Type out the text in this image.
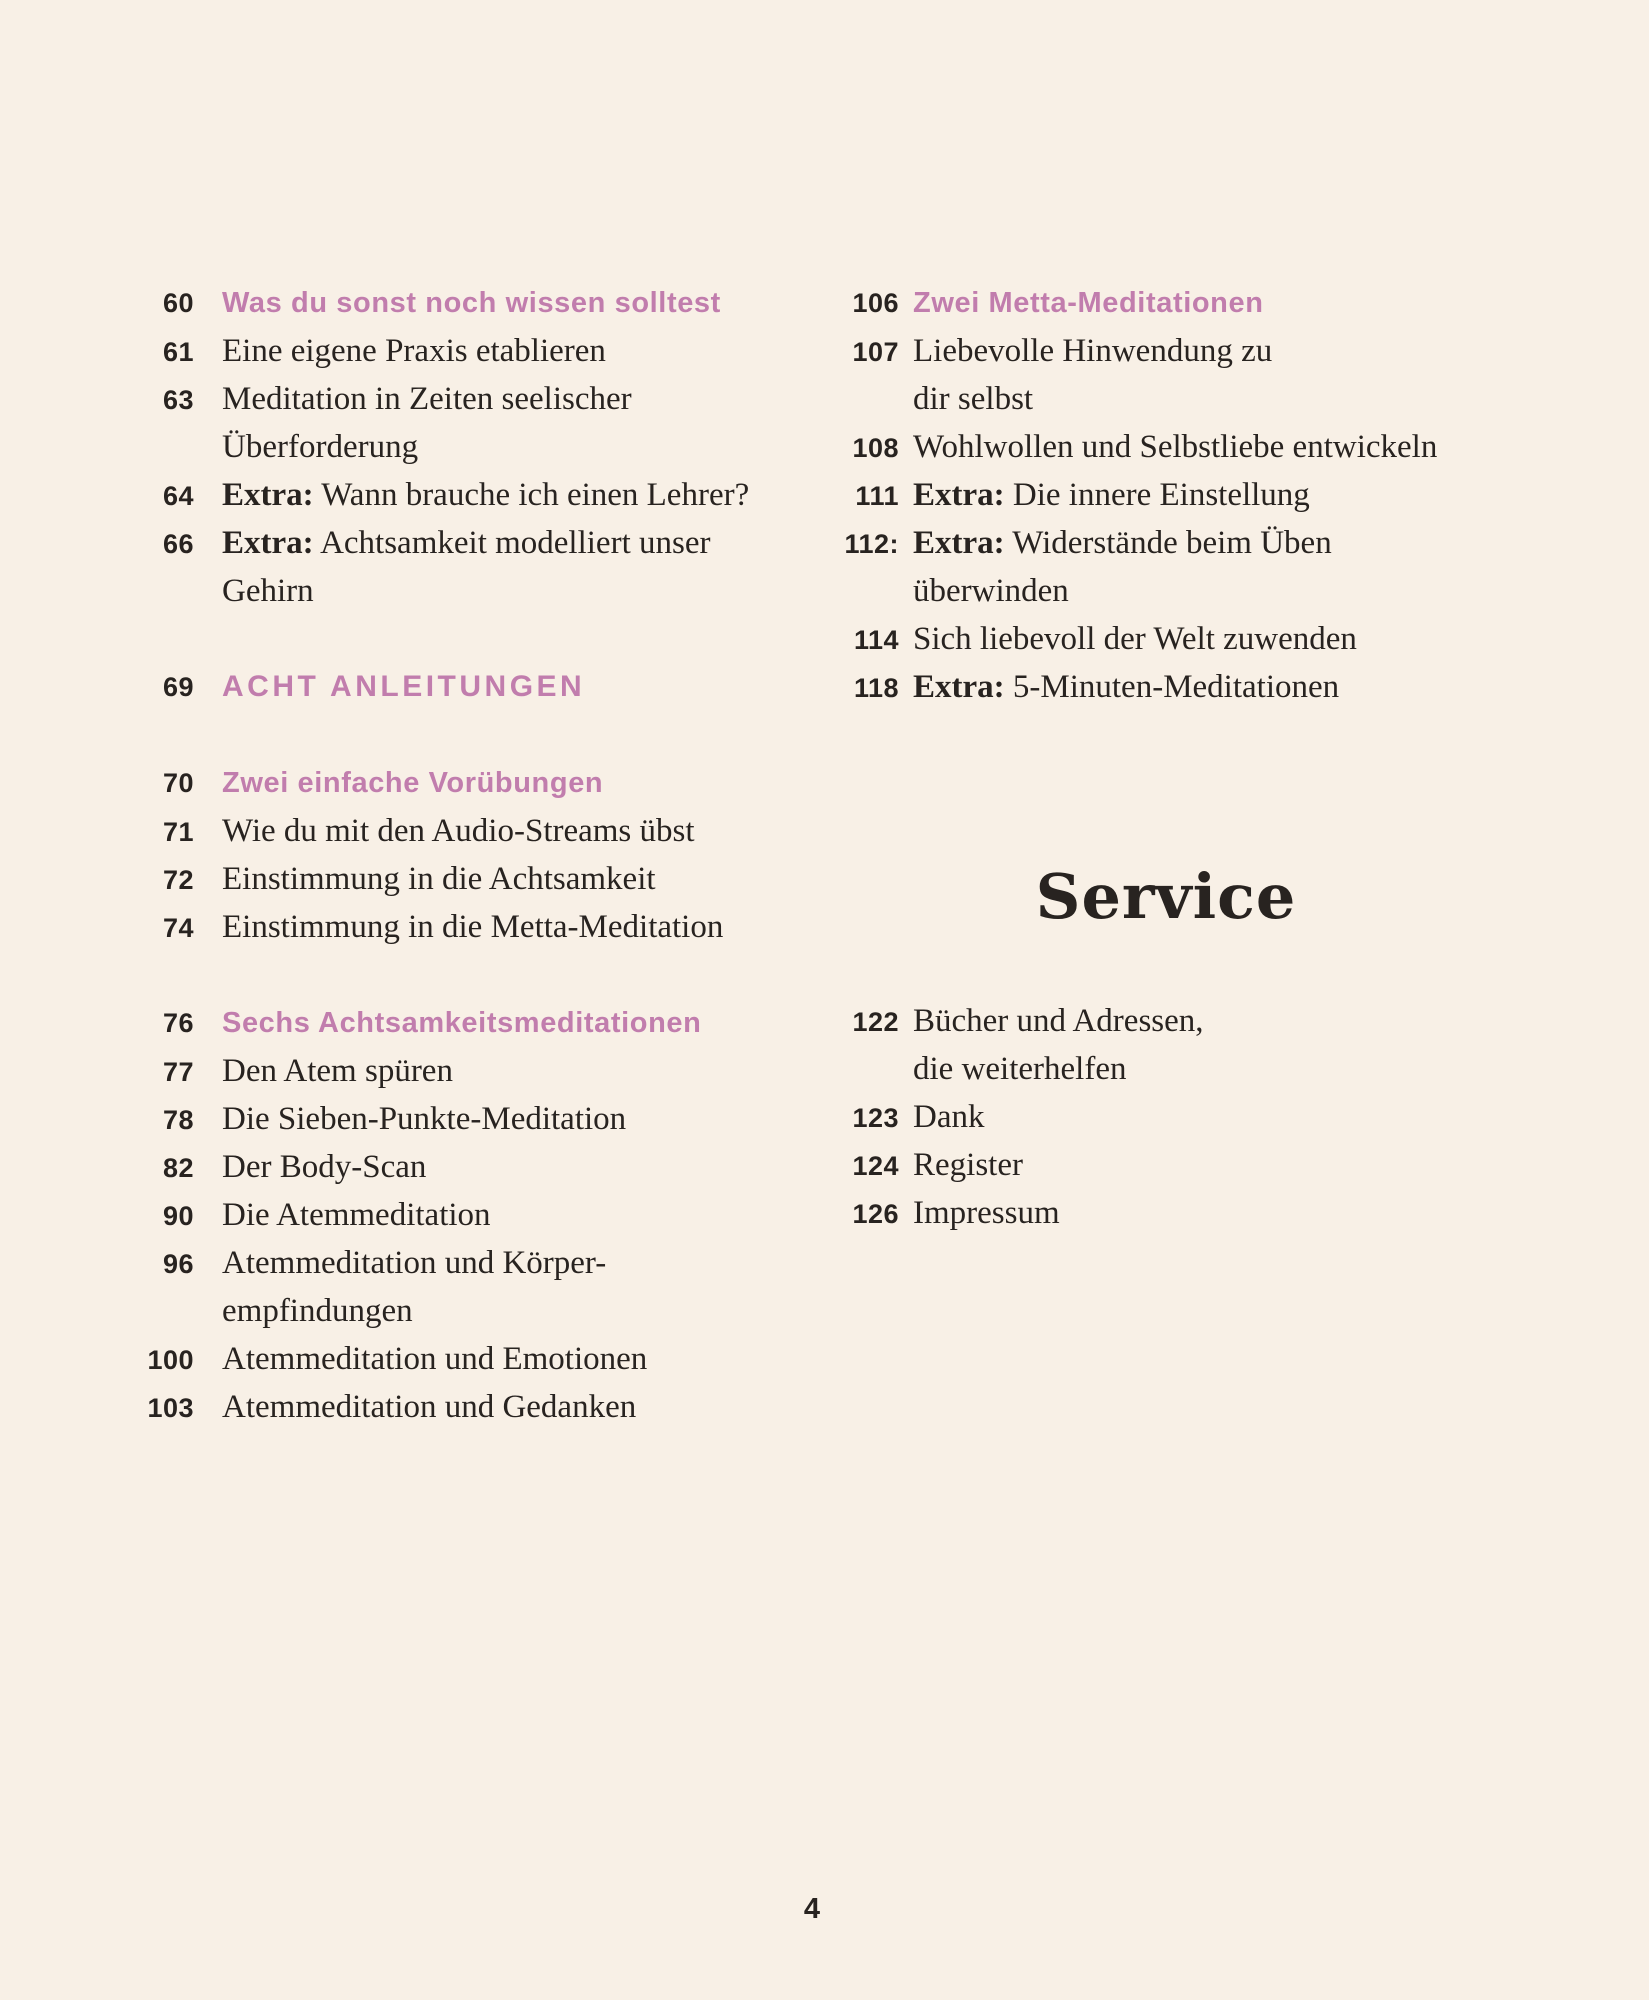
60 Was du sonst noch wissen solltest
61 Eine eigene Praxis etablieren
63 Meditation in Zeiten seelischer
Überforderung
64 Extra: Wann brauche ich einen Lehrer?
66 Extra: Achtsamkeit modelliert unser
Gehirn
69 ACHT ANLEITUNGEN
70 Zwei einfache Vorübungen
71 Wie du mit den Audio-Streams übst
72 Einstimmung in die Achtsamkeit
74 Einstimmung in die Metta-Meditation
76 Sechs Achtsamkeitsmeditationen
77 Den Atem spüren
78 Die Sieben-Punkte-Meditation
82 Der Body-Scan
90 Die Atemmeditation
96 Atemmeditation und Körper-
empfindungen
100 Atemmeditation und Emotionen
103 Atemmeditation und Gedanken
106 Zwei Metta-Meditationen
107 Liebevolle Hinwendung zu
dir selbst
108 Wohlwollen und Selbstliebe entwickeln
111 Extra: Die innere Einstellung
112: Extra: Widerstände beim Üben
überwinden
114 Sich liebevoll der Welt zuwenden
118 Extra: 5-Minuten-Meditationen
Service
122 Bücher und Adressen,
die weiterhelfen
123 Dank
124 Register
126 Impressum
4
